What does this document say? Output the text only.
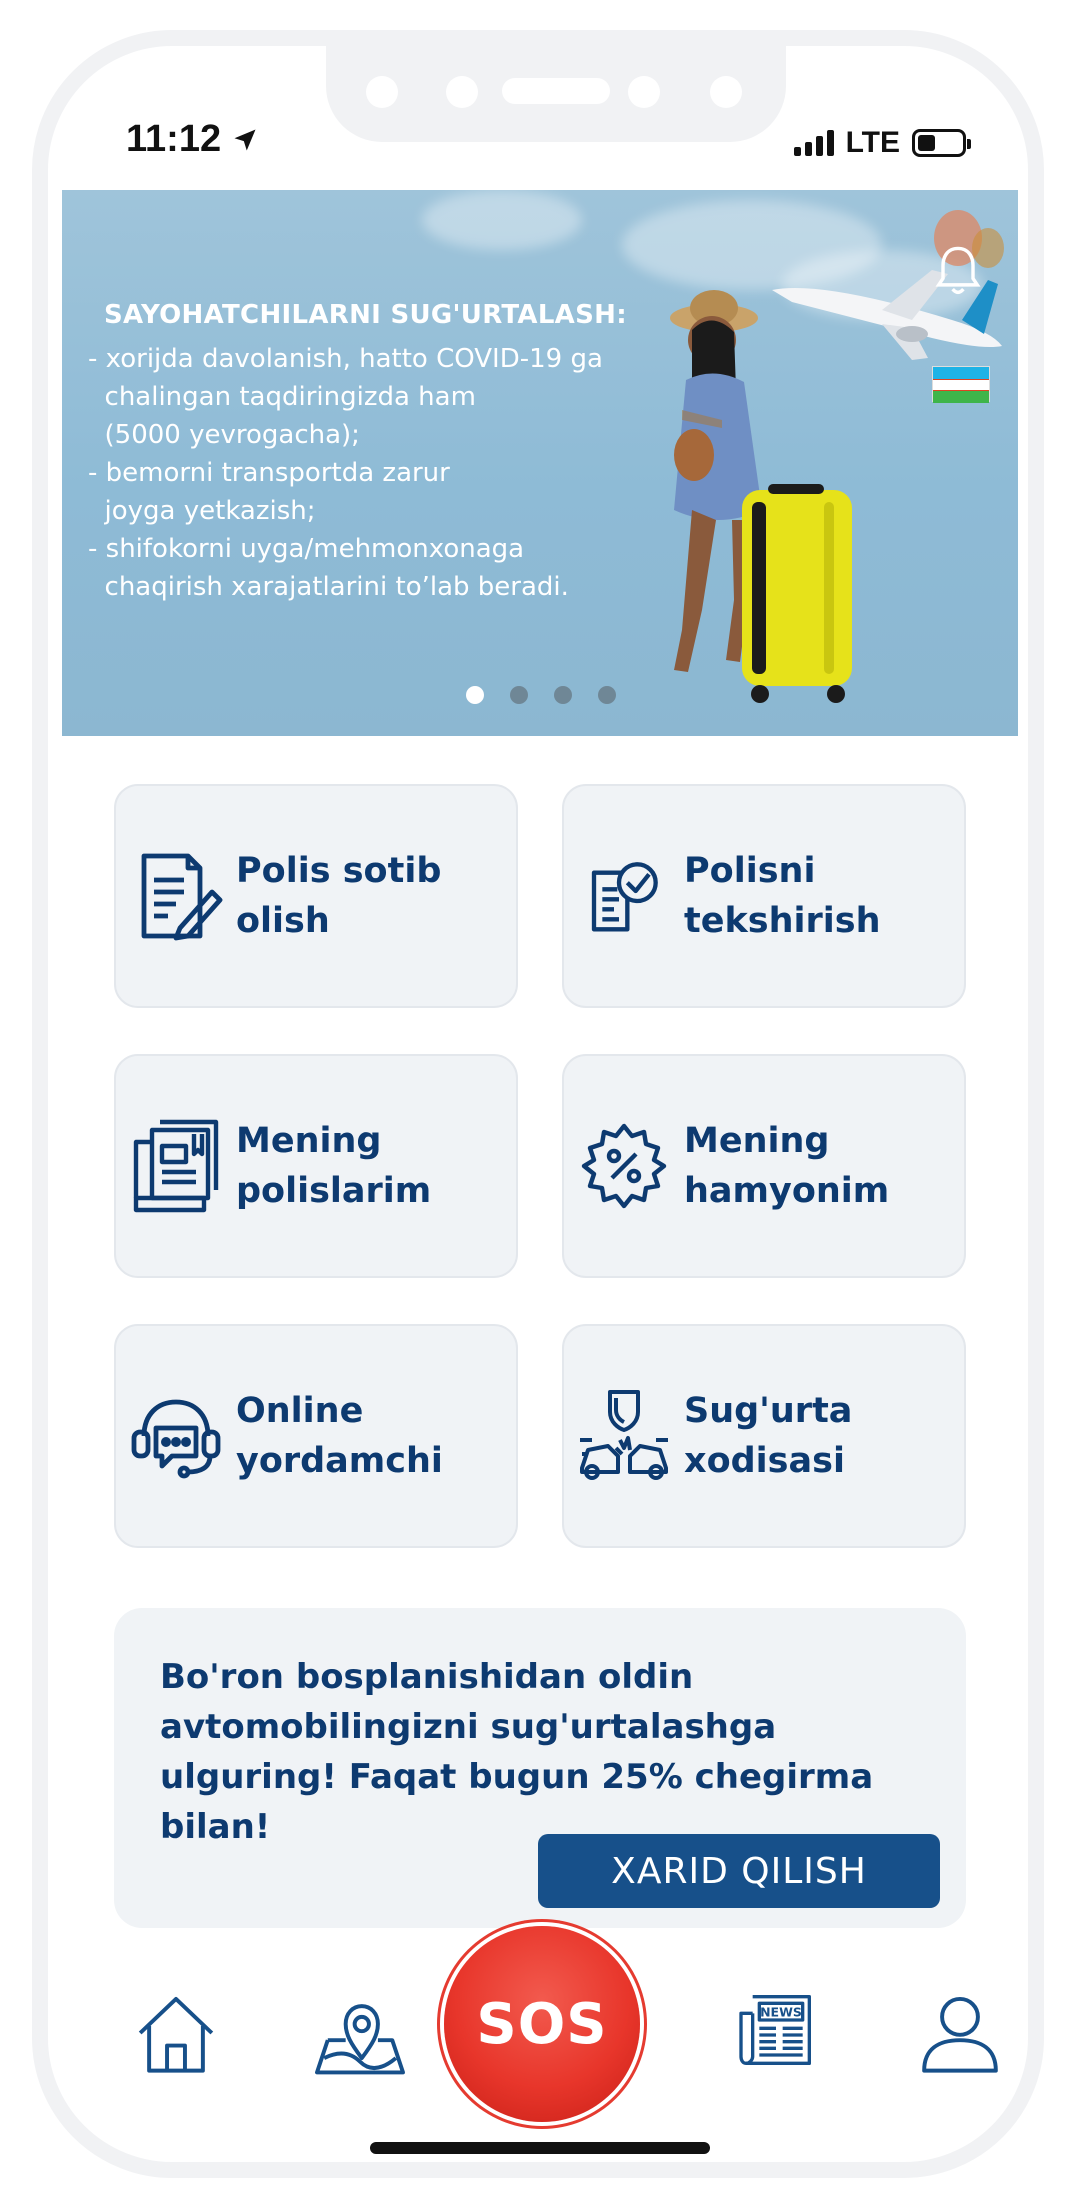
11:12	LTE
SAYOHATCHILARNI SUG'URTALASH:
- xorijda davolanish, hatto COVID-19 ga
chalingan taqdiringizda ham
(5000 yevrogacha);
- bemorni transportda zarur
joyga yetkazish;
- shifokorni uyga/mehmonxonaga
chaqirish xarajatlarini to’lab beradi.
Polis sotib
olish
Polisni
tekshirish
Mening
polislarim
Mening
hamyonim
Online
yordamchi
Sug'urta
xodisasi
Bo'ron bosplanishidan oldin avtomobilingizni sug'urtalashga ulguring! Faqat bugun 25% chegirma bilan!
XARID QILISH
SOS	NEWS
